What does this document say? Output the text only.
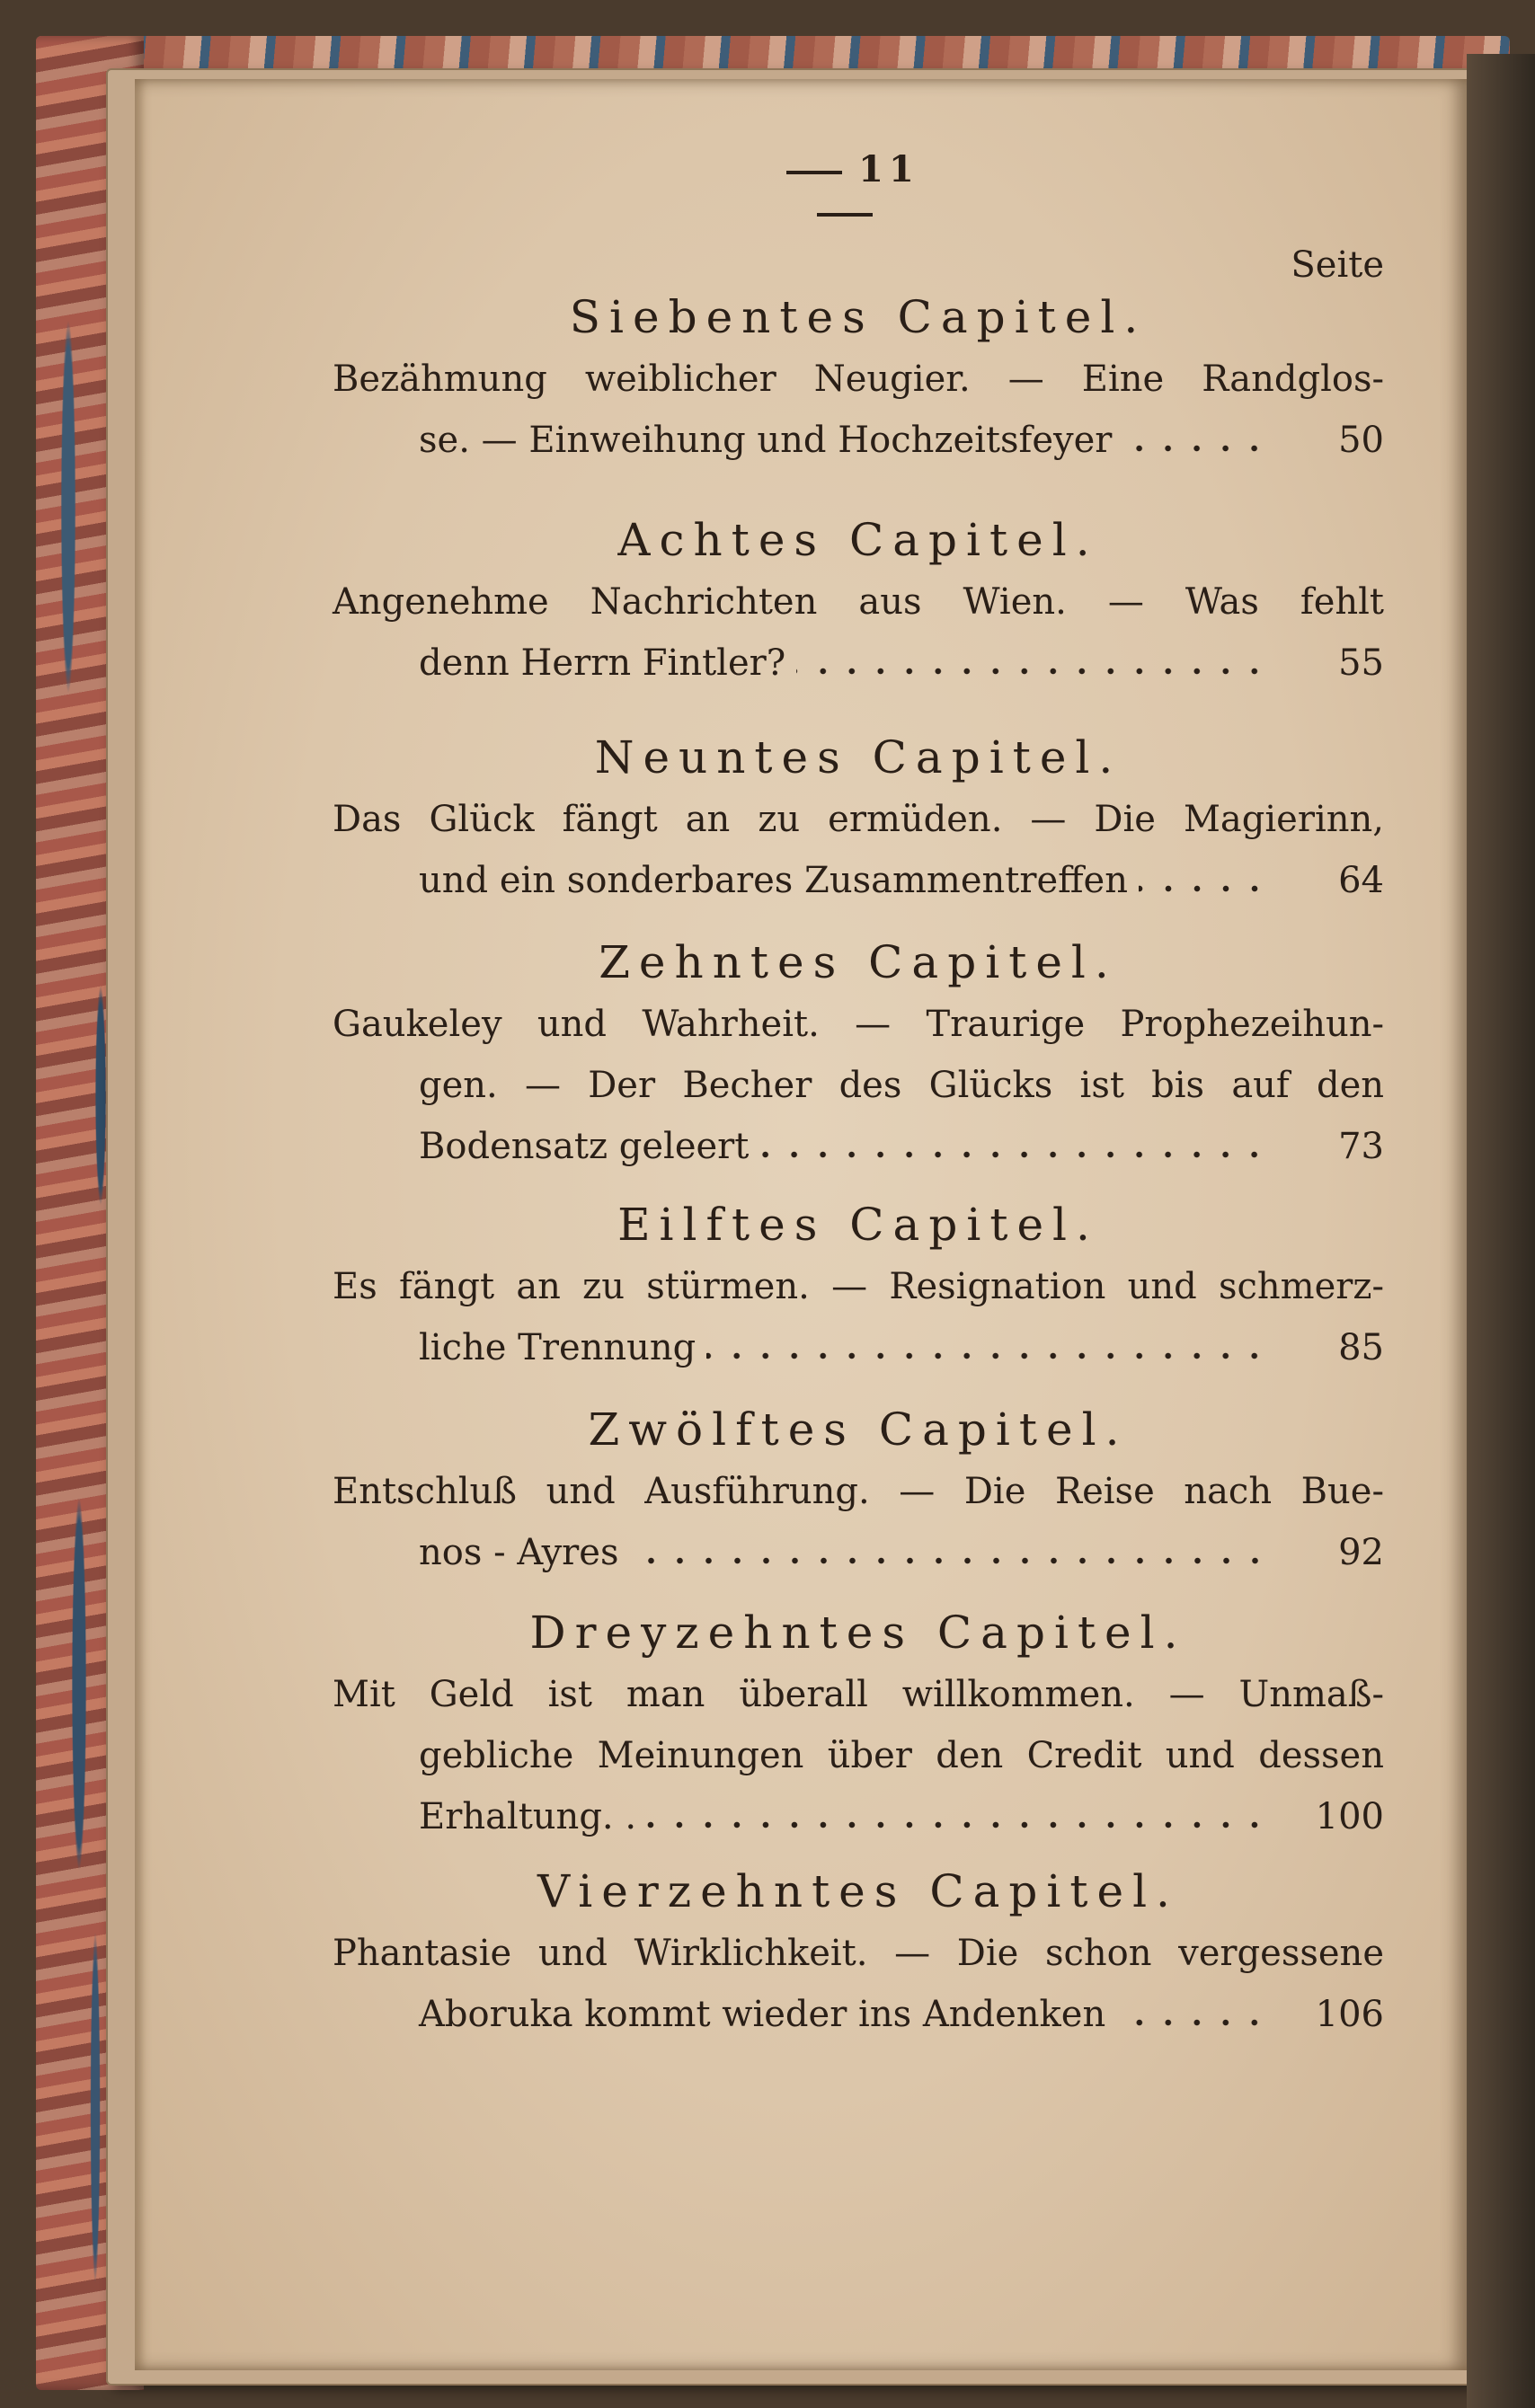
11
Seite
Siebentes Capitel.
Bezähmung weiblicher Neugier. — Eine Randglos-
se. — Einweihung und Hochzeitsfeyer	50
Achtes Capitel.
Angenehme Nachrichten aus Wien. — Was fehlt
denn Herrn Fintler?	55
Neuntes Capitel.
Das Glück fängt an zu ermüden. — Die Magierinn,
und ein sonderbares Zusammentreffen	64
Zehntes Capitel.
Gaukeley und Wahrheit. — Traurige Prophezeihun-
gen. — Der Becher des Glücks ist bis auf den
Bodensatz geleert	73
Eilftes Capitel.
Es fängt an zu stürmen. — Resignation und schmerz-
liche Trennung	85
Zwölftes Capitel.
Entschluß und Ausführung. — Die Reise nach Bue-
nos - Ayres	92
Dreyzehntes Capitel.
Mit Geld ist man überall willkommen. — Unmaß-
gebliche Meinungen über den Credit und dessen
Erhaltung. .	100
Vierzehntes Capitel.
Phantasie und Wirklichkeit. — Die schon vergessene
Aboruka kommt wieder ins Andenken	106
